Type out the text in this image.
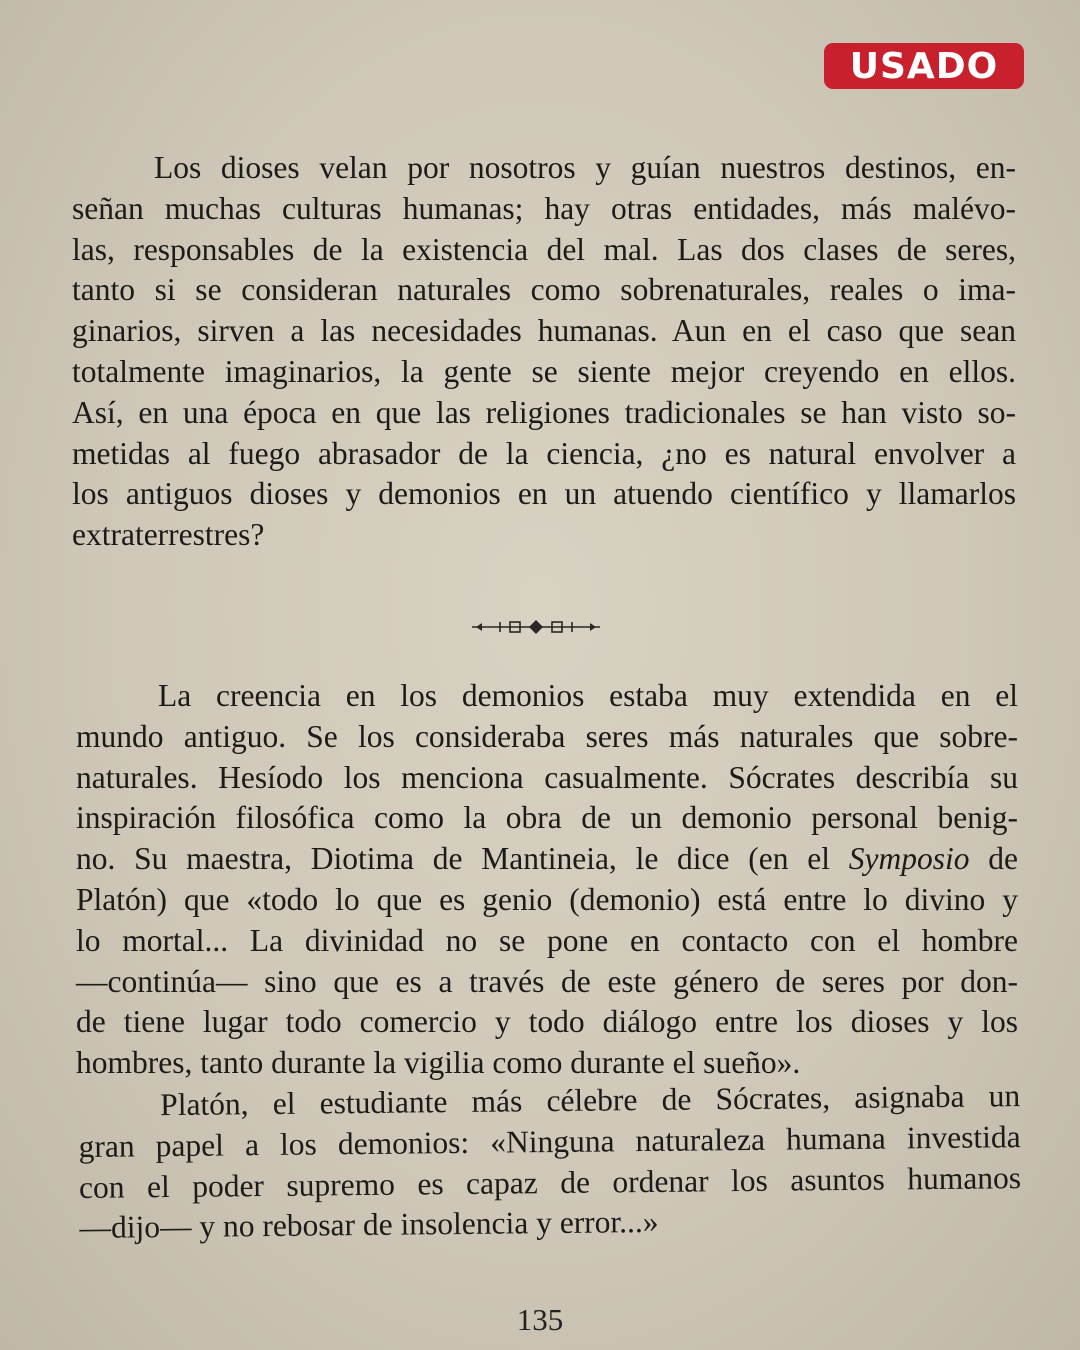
USADO
Los dioses velan por nosotros y guían nuestros destinos, en-
señan muchas culturas humanas; hay otras entidades, más malévo-
las, responsables de la existencia del mal. Las dos clases de seres,
tanto si se consideran naturales como sobrenaturales, reales o ima-
ginarios, sirven a las necesidades humanas. Aun en el caso que sean
totalmente imaginarios, la gente se siente mejor creyendo en ellos.
Así, en una época en que las religiones tradicionales se han visto so-
metidas al fuego abrasador de la ciencia, ¿no es natural envolver a
los antiguos dioses y demonios en un atuendo científico y llamarlos
extraterrestres?
La creencia en los demonios estaba muy extendida en el
mundo antiguo. Se los consideraba seres más naturales que sobre-
naturales. Hesíodo los menciona casualmente. Sócrates describía su
inspiración filosófica como la obra de un demonio personal benig-
no. Su maestra, Diotima de Mantineia, le dice (en el Symposio de
Platón) que «todo lo que es genio (demonio) está entre lo divino y
lo mortal... La divinidad no se pone en contacto con el hombre
—continúa— sino que es a través de este género de seres por don-
de tiene lugar todo comercio y todo diálogo entre los dioses y los
hombres, tanto durante la vigilia como durante el sueño».
Platón, el estudiante más célebre de Sócrates, asignaba un
gran papel a los demonios: «Ninguna naturaleza humana investida
con el poder supremo es capaz de ordenar los asuntos humanos
—dijo— y no rebosar de insolencia y error...»
135
